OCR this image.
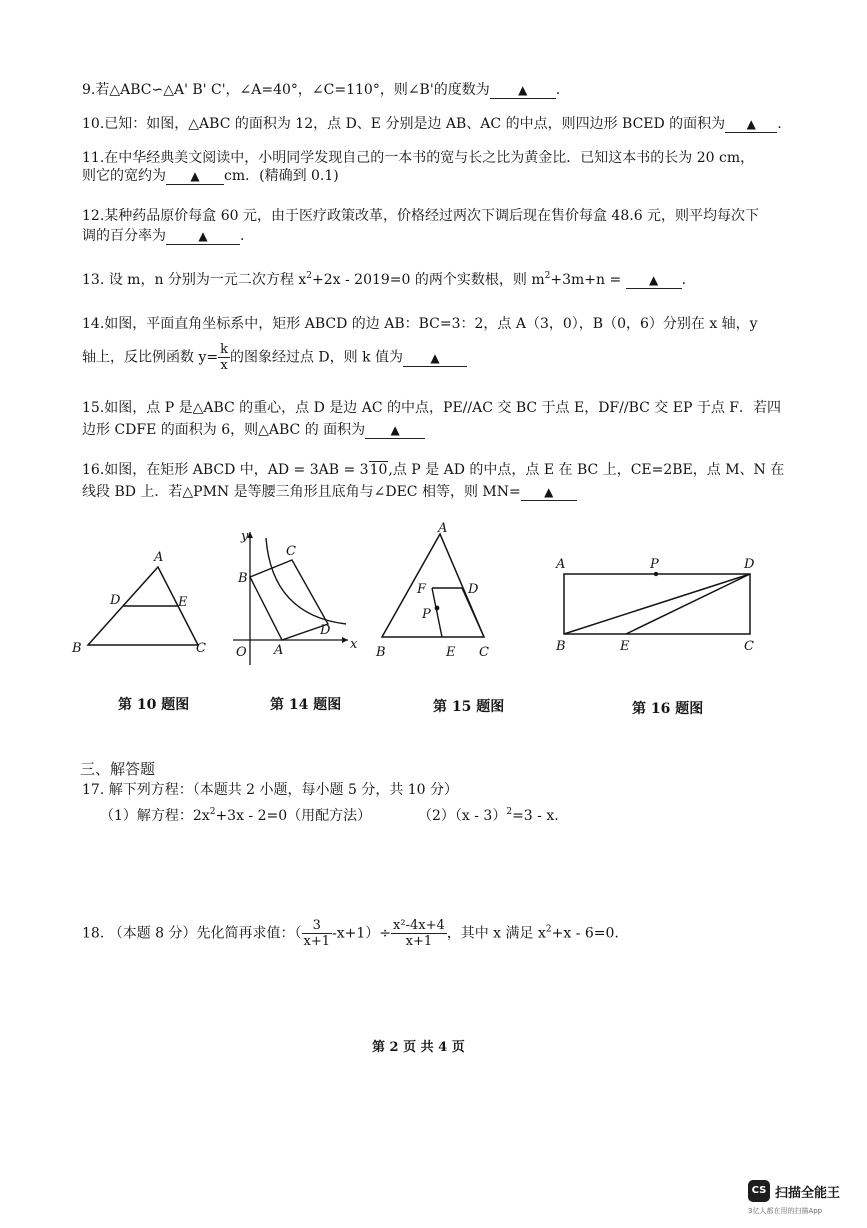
9.若△ABC∽△A' B' C'，∠A=40°，∠C=110°，则∠B'的度数为 ▲ .
10.已知：如图，△ABC 的面积为 12，点 D、E 分别是边 AB、AC 的中点，则四边形 BCED 的面积为 ▲ .
11.在中华经典美文阅读中，小明同学发现自己的一本书的宽与长之比为黄金比．已知这本书的长为 20 cm，
则它的宽约为 ▲ cm．(精确到 0.1)
12.某种药品原价每盒 60 元，由于医疗政策改革，价格经过两次下调后现在售价每盒 48.6 元，则平均每次下
调的百分率为	▲ .
13. 设 m，n 分别为一元二次方程 $x^2+2x - 2019=0$ 的两个实数根，则 $m^2+3m+n$ = ▲ .
14.如图，平面直角坐标系中，矩形 ABCD 的边 AB：BC=3：2，点 A（3，0），B（0，6）分别在 x 轴，y
轴上，反比例函数 $y= \frac{k}{x}$ 的图象经过点 D，则 k 值为 ▲
15.如图，点 P 是△ABC 的重心，点 D 是边 AC 的中点，PE//AC 交 BC 于点 E，DF//BC 交 EP 于点 F．若四
边形 CDFE 的面积为 6，则△ABC 的 面积为 ▲
16.如图，在矩形 ABCD 中，AD = 3AB = 310,点 P 是 AD 的中点，点 E 在 BC 上，CE=2BE，点 M、N 在
线段 BD 上．若△PMN 是等腰三角形且底角与∠DEC 相等，则 MN= ▲
A
B	C
D	E
y
x
O A
B
C
D
A
B	C
D
E
F
P
A	P	D
B	E	C
第 10 题图	第 14 题图	第 15 题图	第 16 题图
三、解答题
17. 解下列方程：（本题共 2 小题，每小题 5 分，共 10 分）
（1）解方程：$2x^2+3x - 2=0$（用配方法）	（2）（x - 3）$^2$=3 - x.
18. （本题 8 分）先化简再求值：（ $\frac{3}{x+1} -x+1)\div \frac{\text{x²-4x+4}}{x+1}$ ，其中 x 满足 $x^2+x - 6=0$.
第 2 页 共 4 页
CS 扫描全能王
3亿人都在用的扫描App
